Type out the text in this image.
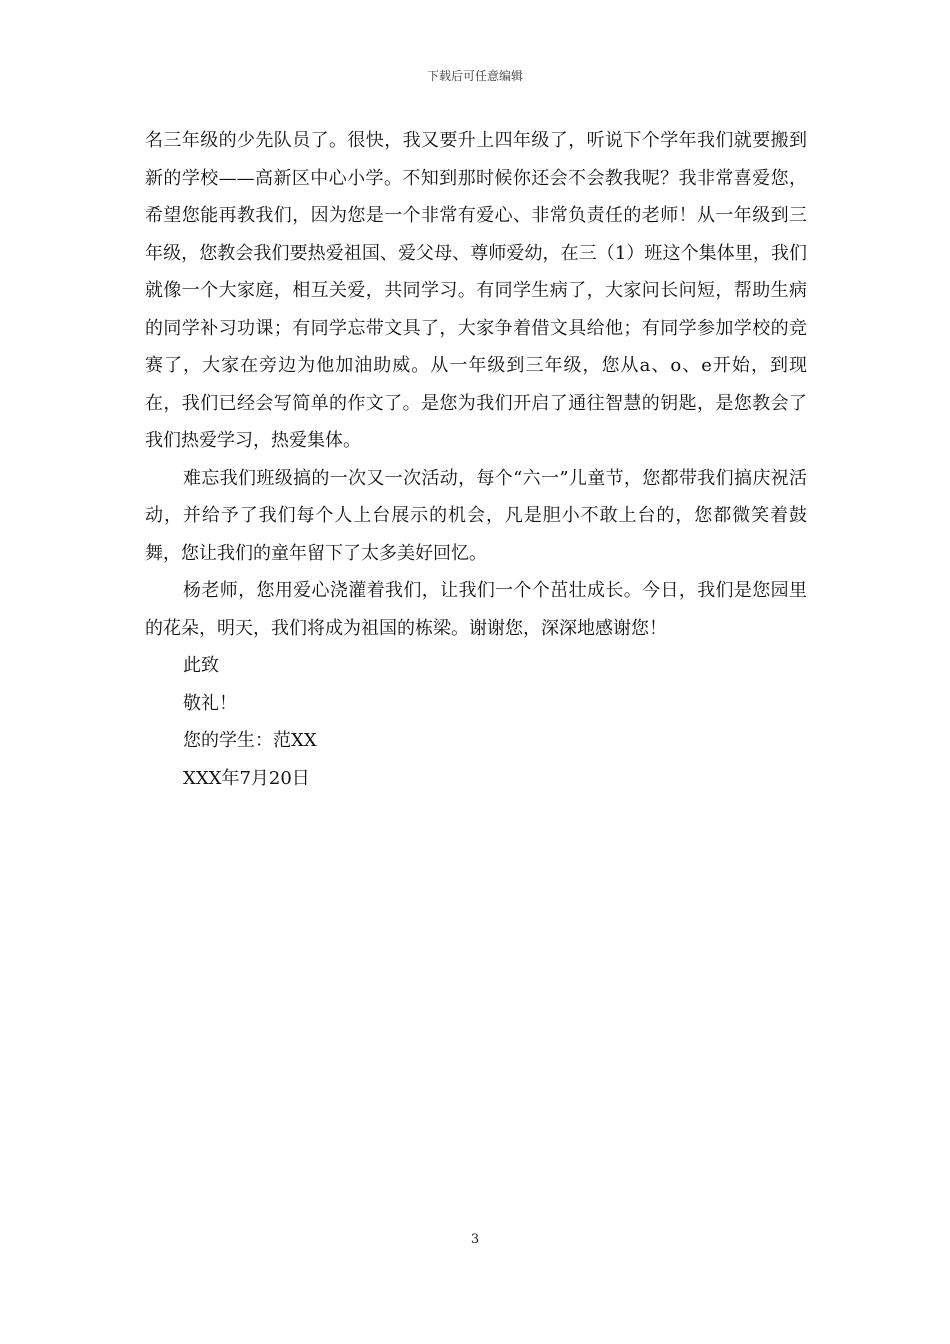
下载后可任意编辑

名三年级的少先队员了。很快，我又要升上四年级了，听说下个学年我们就要搬到新的学校——高新区中心小学。不知到那时候你还会不会教我呢？我非常喜爱您，希望您能再教我们，因为您是一个非常有爱心、非常负责任的老师！从一年级到三年级，您教会我们要热爱祖国、爱父母、尊师爱幼，在三（1）班这个集体里，我们就像一个大家庭，相互关爱，共同学习。有同学生病了，大家问长问短，帮助生病的同学补习功课；有同学忘带文具了，大家争着借文具给他；有同学参加学校的竞赛了，大家在旁边为他加油助威。从一年级到三年级，您从a、o、e开始，到现在，我们已经会写简单的作文了。是您为我们开启了通往智慧的钥匙，是您教会了我们热爱学习，热爱集体。

难忘我们班级搞的一次又一次活动，每个“六一”儿童节，您都带我们搞庆祝活动，并给予了我们每个人上台展示的机会，凡是胆小不敢上台的，您都微笑着鼓舞，您让我们的童年留下了太多美好回忆。

杨老师，您用爱心浇灌着我们，让我们一个个茁壮成长。今日，我们是您园里的花朵，明天，我们将成为祖国的栋梁。谢谢您，深深地感谢您！

此致

敬礼！

您的学生：范XX

XXX年7月20日

3
